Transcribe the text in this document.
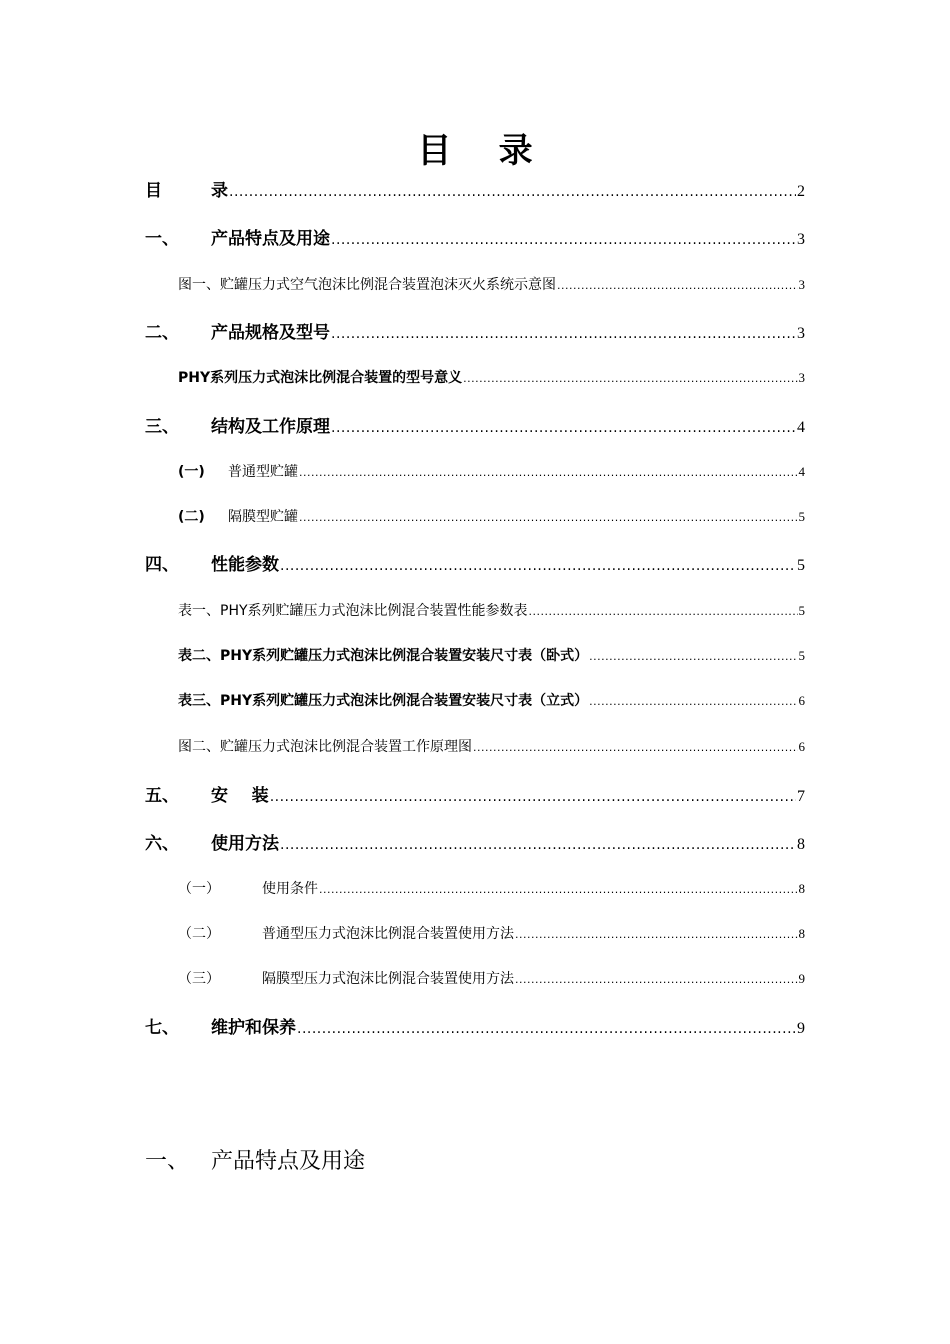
目    录
目	录 .....	2
一、	产品特点及用途 .....	3
图一、贮罐压力式空气泡沫比例混合装置泡沫灭火系统示意图 .....	3
二、	产品规格及型号 .....	3
PHY系列压力式泡沫比例混合装置的型号意义 .....	3
三、	结构及工作原理 .....	4
(一)	普通型贮罐 .....	4
(二)	隔膜型贮罐 .....	5
四、	性能参数 .....	5
表一、PHY系列贮罐压力式泡沫比例混合装置性能参数表 .....	5
表二、PHY系列贮罐压力式泡沫比例混合装置安装尺寸表（卧式） .....	5
表三、PHY系列贮罐压力式泡沫比例混合装置安装尺寸表（立式） .....	6
图二、贮罐压力式泡沫比例混合装置工作原理图 .....	6
五、	安    装 .....	7
六、	使用方法 .....	8
（一）	使用条件 .....	8
（二）	普通型压力式泡沫比例混合装置使用方法 .....	8
（三）	隔膜型压力式泡沫比例混合装置使用方法 .....	9
七、	维护和保养 .....	9
一、 产品特点及用途
